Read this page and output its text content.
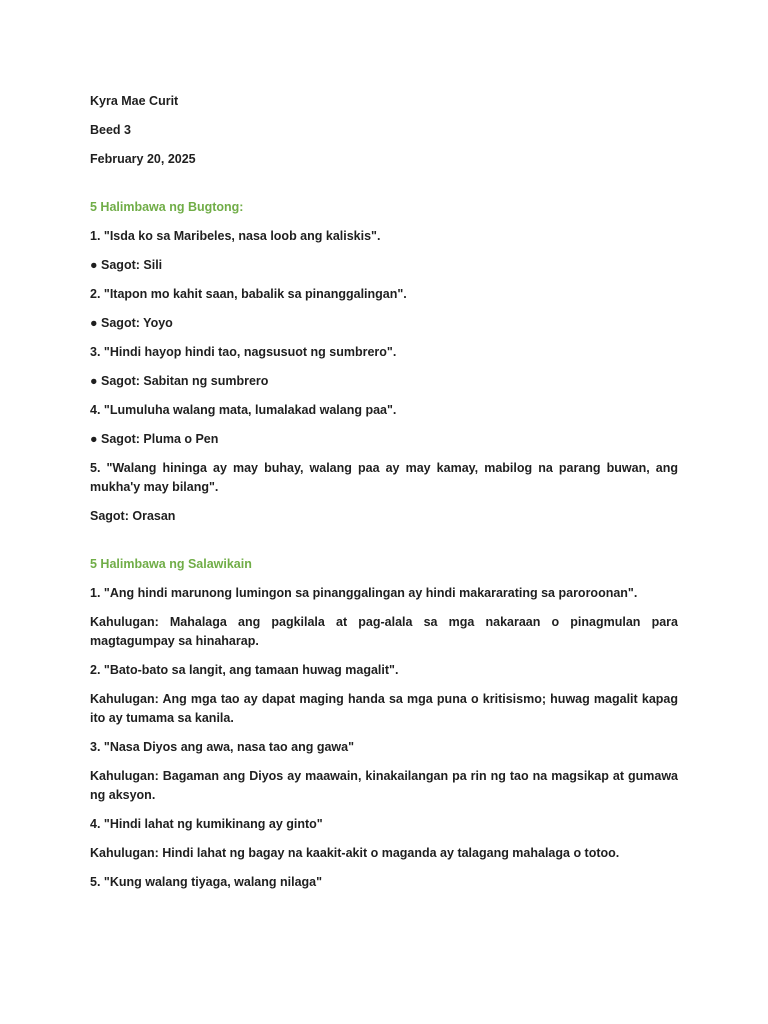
Kyra Mae Curit

Beed 3

February 20, 2025

5 Halimbawa ng Bugtong:

1. "Isda ko sa Maribeles, nasa loob ang kaliskis".

● Sagot: Sili

2. "Itapon mo kahit saan, babalik sa pinanggalingan".

● Sagot: Yoyo

3. "Hindi hayop hindi tao, nagsusuot ng sumbrero".

● Sagot: Sabitan ng sumbrero

4. "Lumuluha walang mata, lumalakad walang paa".

● Sagot: Pluma o Pen

5. "Walang hininga ay may buhay, walang paa ay may kamay, mabilog na parang buwan, ang mukha'y may bilang".

Sagot: Orasan

5 Halimbawa ng Salawikain

1. "Ang hindi marunong lumingon sa pinanggalingan ay hindi makararating sa paroroonan".

Kahulugan: Mahalaga ang pagkilala at pag-alala sa mga nakaraan o pinagmulan para magtagumpay sa hinaharap.

2. "Bato-bato sa langit, ang tamaan huwag magalit".

Kahulugan: Ang mga tao ay dapat maging handa sa mga puna o kritisismo; huwag magalit kapag ito ay tumama sa kanila.

3. "Nasa Diyos ang awa, nasa tao ang gawa"

Kahulugan: Bagaman ang Diyos ay maawain, kinakailangan pa rin ng tao na magsikap at gumawa ng aksyon.

4. "Hindi lahat ng kumikinang ay ginto"

Kahulugan: Hindi lahat ng bagay na kaakit-akit o maganda ay talagang mahalaga o totoo.

5. "Kung walang tiyaga, walang nilaga"
